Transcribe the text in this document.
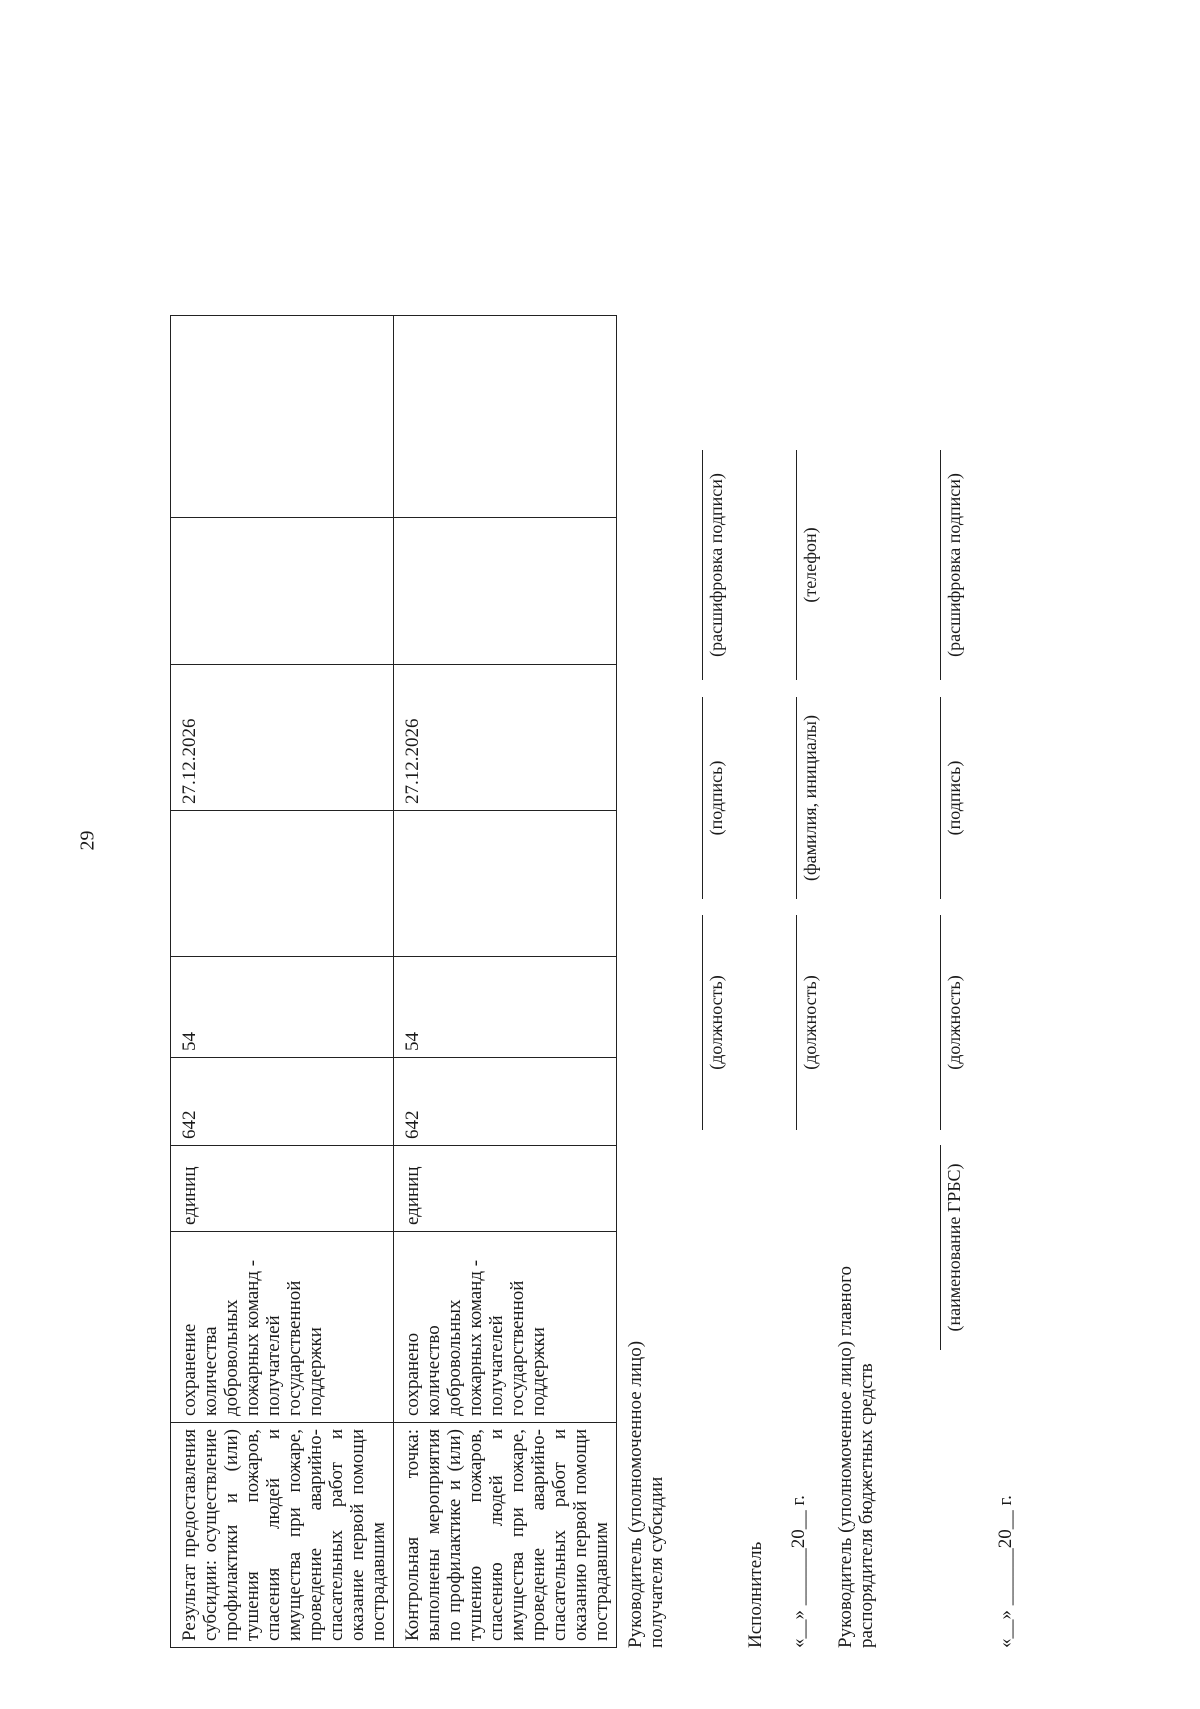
29
Результат предоставления субсидии: осуществление профилактики и (или) тушения пожаров, спасения людей и имущества при пожаре, проведение аварийно-спасательных работ и оказание первой помощи пострадавшим	сохранение количества добровольных пожарных команд - получателей государственной поддержки	единиц	642	54		27.12.2026		
Контрольная точка: выполнены мероприятия по профилактике и (или) тушению пожаров, спасению людей и имущества при пожаре, проведение аварийно-спасательных работ и оказанию первой помощи пострадавшим	сохранено количество добровольных пожарных команд - получателей государственной поддержки	единиц	642	54		27.12.2026		
Руководитель (уполномоченное лицо) получателя субсидии
(должность)
(подпись)
(расшифровка подписи)
Исполнитель
(должность)
(фамилия, инициалы)
(телефон)
«__» ______20__ г. Руководитель (уполномоченное лицо) главного распорядителя бюджетных средств
(наименование ГРБС)
(должность)
(подпись)
(расшифровка подписи)
«__» ______20__ г.
